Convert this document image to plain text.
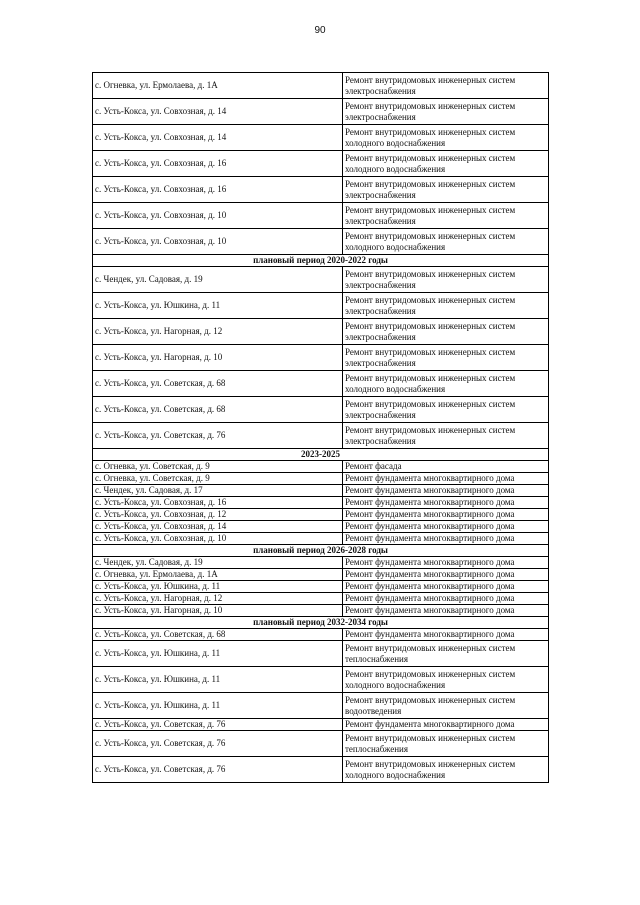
90
с. Огневка, ул. Ермолаева, д. 1А	Ремонт внутридомовых инженерных систем
электроснабжения

с. Усть-Кокса, ул. Совхозная, д. 14	Ремонт внутридомовых инженерных систем
электроснабжения

с. Усть-Кокса, ул. Совхозная, д. 14	Ремонт внутридомовых инженерных систем
холодного водоснабжения

с. Усть-Кокса, ул. Совхозная, д. 16	Ремонт внутридомовых инженерных систем
холодного водоснабжения

с. Усть-Кокса, ул. Совхозная, д. 16	Ремонт внутридомовых инженерных систем
электроснабжения

с. Усть-Кокса, ул. Совхозная, д. 10	Ремонт внутридомовых инженерных систем
электроснабжения

с. Усть-Кокса, ул. Совхозная, д. 10	Ремонт внутридомовых инженерных систем
холодного водоснабжения

плановый период 2020-2022 годы	
с. Чендек, ул. Садовая, д. 19	Ремонт внутридомовых инженерных систем
электроснабжения

с. Усть-Кокса, ул. Юшкина, д. 11	Ремонт внутридомовых инженерных систем
электроснабжения

с. Усть-Кокса, ул. Нагорная, д. 12	Ремонт внутридомовых инженерных систем
электроснабжения

с. Усть-Кокса, ул. Нагорная, д. 10	Ремонт внутридомовых инженерных систем
электроснабжения

с. Усть-Кокса, ул. Советская, д. 68	Ремонт внутридомовых инженерных систем
холодного водоснабжения

с. Усть-Кокса, ул. Советская, д. 68	Ремонт внутридомовых инженерных систем
электроснабжения

с. Усть-Кокса, ул. Советская, д. 76	Ремонт внутридомовых инженерных систем
электроснабжения

2023-2025	
с. Огневка, ул. Советская, д. 9	Ремонт фасада

с. Огневка, ул. Советская, д. 9	Ремонт фундамента многоквартирного дома

с. Чендек, ул. Садовая, д. 17	Ремонт фундамента многоквартирного дома

с. Усть-Кокса, ул. Совхозная, д. 16	Ремонт фундамента многоквартирного дома

с. Усть-Кокса, ул. Совхозная, д. 12	Ремонт фундамента многоквартирного дома

с. Усть-Кокса, ул. Совхозная, д. 14	Ремонт фундамента многоквартирного дома

с. Усть-Кокса, ул. Совхозная, д. 10	Ремонт фундамента многоквартирного дома

плановый период 2026-2028 годы	
с. Чендек, ул. Садовая, д. 19	Ремонт фундамента многоквартирного дома

с. Огневка, ул. Ермолаева, д. 1А	Ремонт фундамента многоквартирного дома

с. Усть-Кокса, ул. Юшкина, д. 11	Ремонт фундамента многоквартирного дома

с. Усть-Кокса, ул. Нагорная, д. 12	Ремонт фундамента многоквартирного дома

с. Усть-Кокса, ул. Нагорная, д. 10	Ремонт фундамента многоквартирного дома

плановый период 2032-2034 годы	
с. Усть-Кокса, ул. Советская, д. 68	Ремонт фундамента многоквартирного дома

с. Усть-Кокса, ул. Юшкина, д. 11	Ремонт внутридомовых инженерных систем
теплоснабжения

с. Усть-Кокса, ул. Юшкина, д. 11	Ремонт внутридомовых инженерных систем
холодного водоснабжения

с. Усть-Кокса, ул. Юшкина, д. 11	Ремонт внутридомовых инженерных систем
водоотведения

с. Усть-Кокса, ул. Советская, д. 76	Ремонт фундамента многоквартирного дома

с. Усть-Кокса, ул. Советская, д. 76	Ремонт внутридомовых инженерных систем
теплоснабжения

с. Усть-Кокса, ул. Советская, д. 76	Ремонт внутридомовых инженерных систем
холодного водоснабжения
